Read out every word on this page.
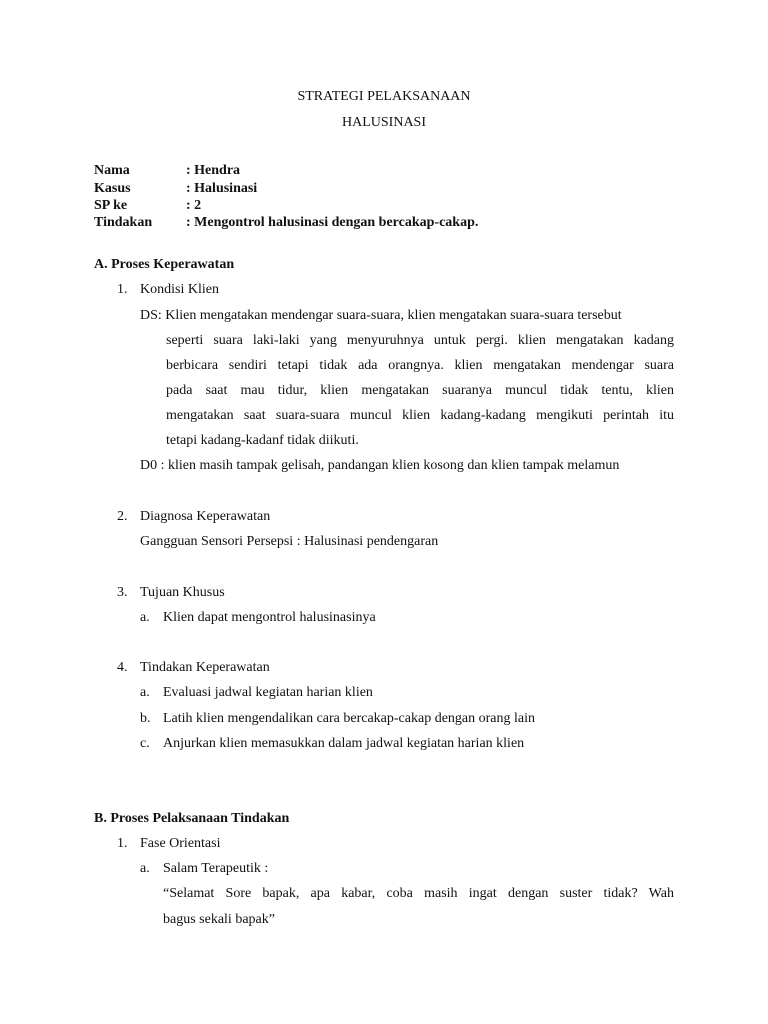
STRATEGI PELAKSANAAN
HALUSINASI
Nama	: Hendra
Kasus	: Halusinasi
SP ke	: 2
Tindakan : Mengontrol halusinasi dengan bercakap-cakap.
A. Proses Keperawatan
1. Kondisi Klien
DS: Klien mengatakan mendengar suara-suara, klien mengatakan suara-suara tersebut
seperti suara laki-laki yang menyuruhnya untuk pergi. klien mengatakan kadang
berbicara sendiri tetapi tidak ada orangnya. klien mengatakan mendengar suara
pada saat mau tidur, klien mengatakan suaranya muncul tidak tentu, klien
mengatakan saat suara-suara muncul klien kadang-kadang mengikuti perintah itu
tetapi kadang-kadanf tidak diikuti.
D0 : klien masih tampak gelisah, pandangan klien kosong dan klien tampak melamun
2. Diagnosa Keperawatan
Gangguan Sensori Persepsi : Halusinasi pendengaran
3. Tujuan Khusus
a. Klien dapat mengontrol halusinasinya
4. Tindakan Keperawatan
a. Evaluasi jadwal kegiatan harian klien
b. Latih klien mengendalikan cara bercakap-cakap dengan orang lain
c. Anjurkan klien memasukkan dalam jadwal kegiatan harian klien
B. Proses Pelaksanaan Tindakan
1. Fase Orientasi
a. Salam Terapeutik :
“Selamat Sore bapak, apa kabar, coba masih ingat dengan suster tidak? Wah
bagus sekali bapak”
